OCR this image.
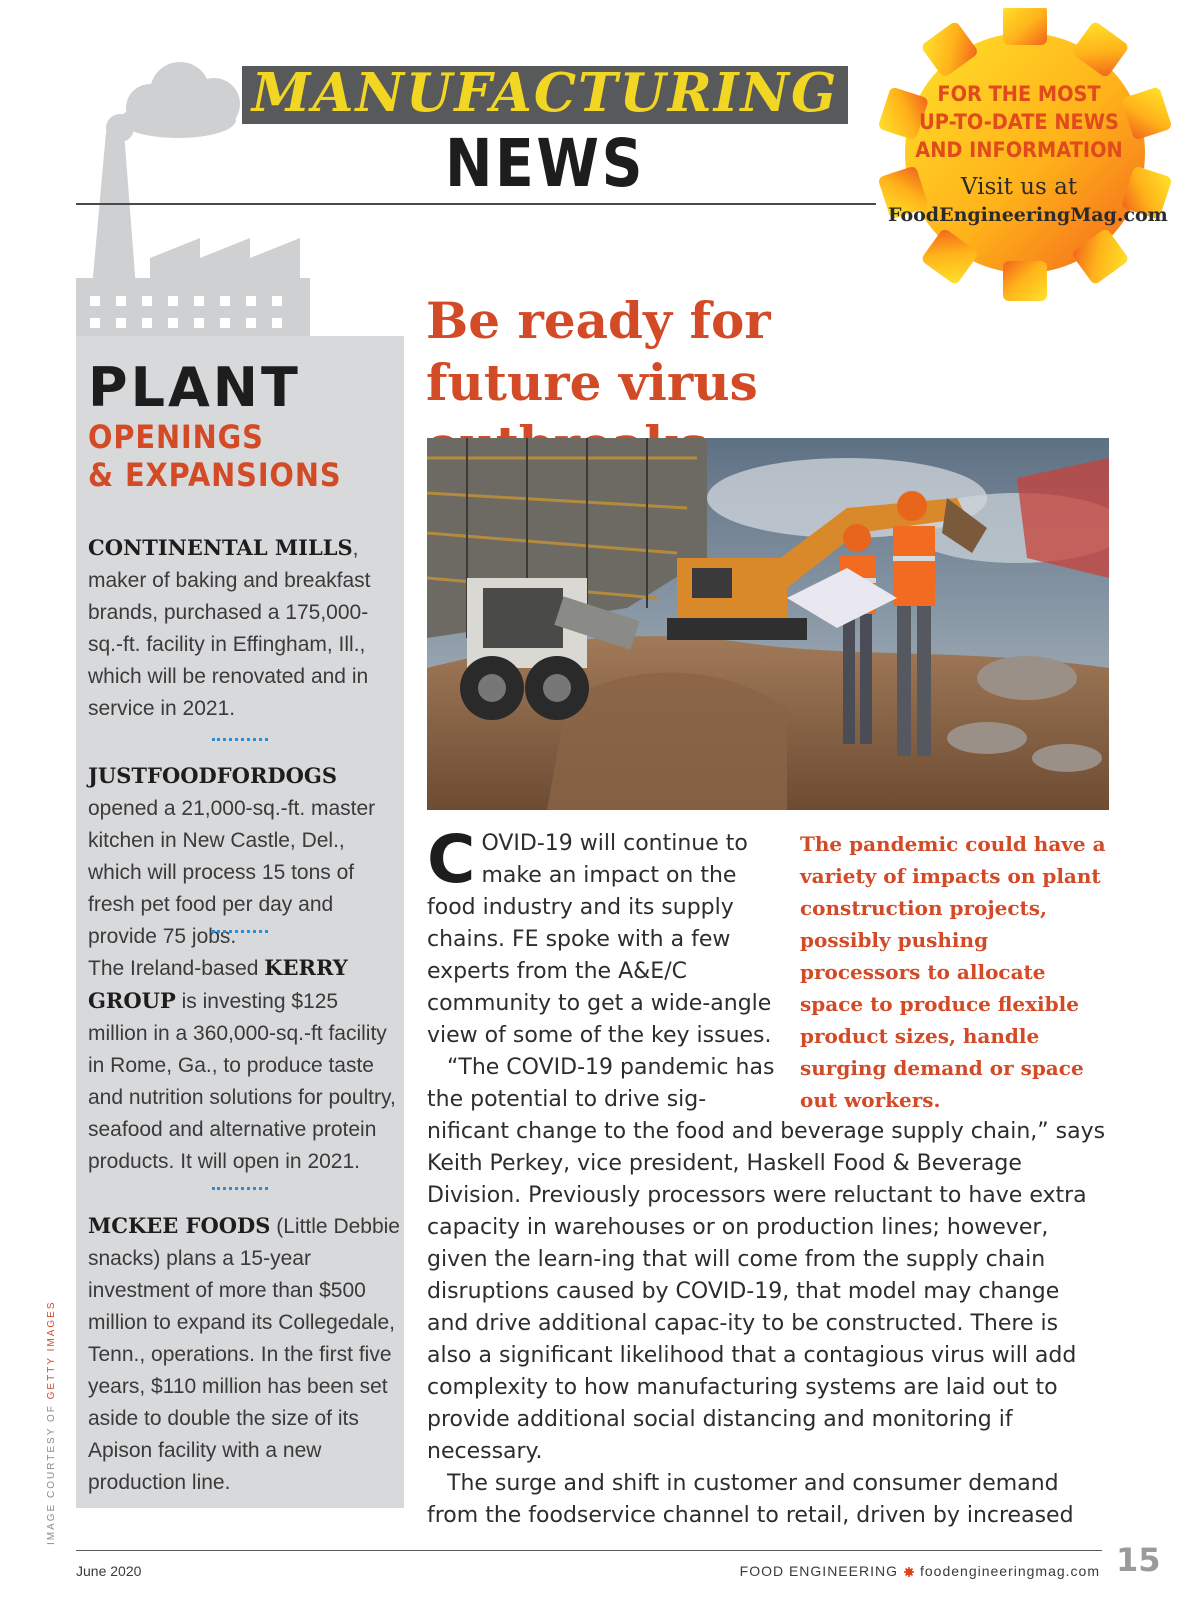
MANUFACTURING
NEWS
FOR THE MOST
UP-TO-DATE NEWS
AND INFORMATION
Visit us at
FoodEngineeringMag.com
PLANT
OPENINGS
& EXPANSIONS
CONTINENTAL MILLS, maker of baking and breakfast brands, purchased a 175,000-sq.-ft. facility in Effingham, Ill., which will be renovated and in service in 2021.
JUSTFOODFORDOGS opened a 21,000-sq.-ft. master kitchen in New Castle, Del., which will process 15 tons of fresh pet food per day and provide 75 jobs.
The Ireland-based KERRY GROUP is investing $125 million in a 360,000-sq.-ft facility in Rome, Ga., to produce taste and nutrition solutions for poultry, seafood and alternative protein products. It will open in 2021.
MCKEE FOODS (Little Debbie snacks) plans a 15-year investment of more than $500 million to expand its Collegedale, Tenn., operations. In the first five years, $110 million has been set aside to double the size of its Apison facility with a new production line.
IMAGE COURTESY OF GETTY IMAGES
Be ready for future virus

COVID-19 will continue to make an impact on the food industry and its supply chains. FE spoke with a few experts from the A&E/C community to get a wide-angle view of some of the key issues.

“The COVID-19 pandemic has the potential to drive sig-

The pandemic could have a variety of impacts on plant construction projects, possibly pushing processors to allocate space to produce flexible product sizes, handle surging demand or space out workers.

nificant change to the food and beverage supply chain,” says Keith Perkey, vice president, Haskell Food & Beverage Division. Previously processors were reluctant to have extra capacity in warehouses or on production lines; however, given the learn-ing that will come from the supply chain disruptions caused by COVID-19, that model may change and drive additional capac-ity to be constructed. There is also a significant likelihood that a contagious virus will add complexity to how manufacturing systems are laid out to provide additional social distancing and monitoring if necessary.

The surge and shift in customer and consumer demand from the foodservice channel to retail, driven by increased

June 2020	FOOD ENGINEERING foodengineeringmag.com 15
